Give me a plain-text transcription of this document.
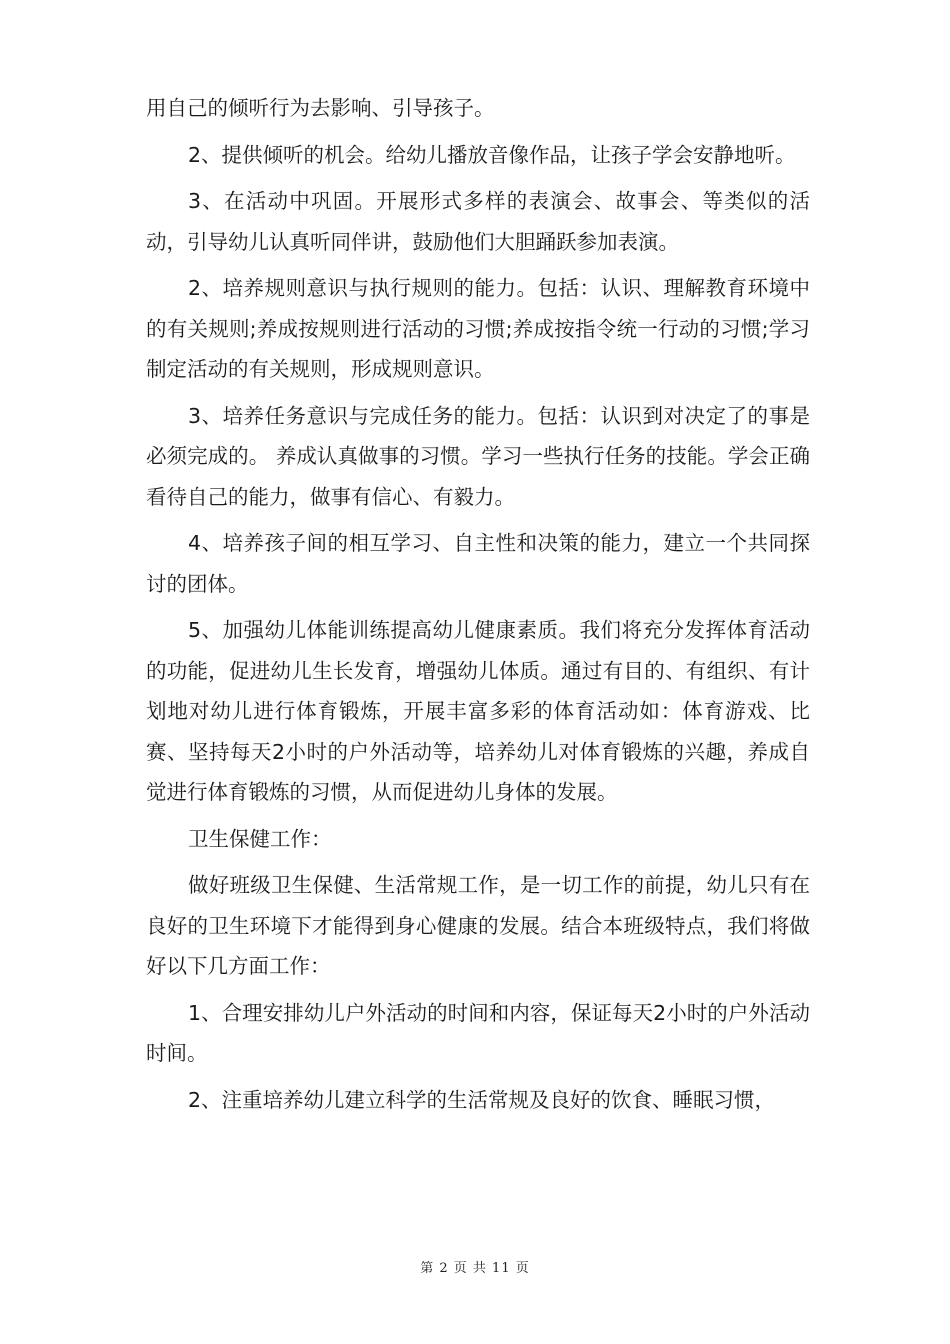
用自己的倾听行为去影响、引导孩子。

2、提供倾听的机会。给幼儿播放音像作品，让孩子学会安静地听。

3、在活动中巩固。开展形式多样的表演会、故事会、等类似的活动，引导幼儿认真听同伴讲，鼓励他们大胆踊跃参加表演。

2、培养规则意识与执行规则的能力。包括：认识、理解教育环境中的有关规则;养成按规则进行活动的习惯;养成按指令统一行动的习惯;学习制定活动的有关规则，形成规则意识。

3、培养任务意识与完成任务的能力。包括：认识到对决定了的事是必须完成的。 养成认真做事的习惯。学习一些执行任务的技能。学会正确看待自己的能力，做事有信心、有毅力。

4、培养孩子间的相互学习、自主性和决策的能力，建立一个共同探讨的团体。

5、加强幼儿体能训练提高幼儿健康素质。我们将充分发挥体育活动的功能，促进幼儿生长发育，增强幼儿体质。通过有目的、有组织、有计划地对幼儿进行体育锻炼，开展丰富多彩的体育活动如：体育游戏、比赛、坚持每天2小时的户外活动等，培养幼儿对体育锻炼的兴趣，养成自觉进行体育锻炼的习惯，从而促进幼儿身体的发展。

卫生保健工作：

做好班级卫生保健、生活常规工作，是一切工作的前提，幼儿只有在良好的卫生环境下才能得到身心健康的发展。结合本班级特点，我们将做好以下几方面工作：

1、合理安排幼儿户外活动的时间和内容，保证每天2小时的户外活动时间。

2、注重培养幼儿建立科学的生活常规及良好的饮食、睡眠习惯，

第 2 页 共 11 页
